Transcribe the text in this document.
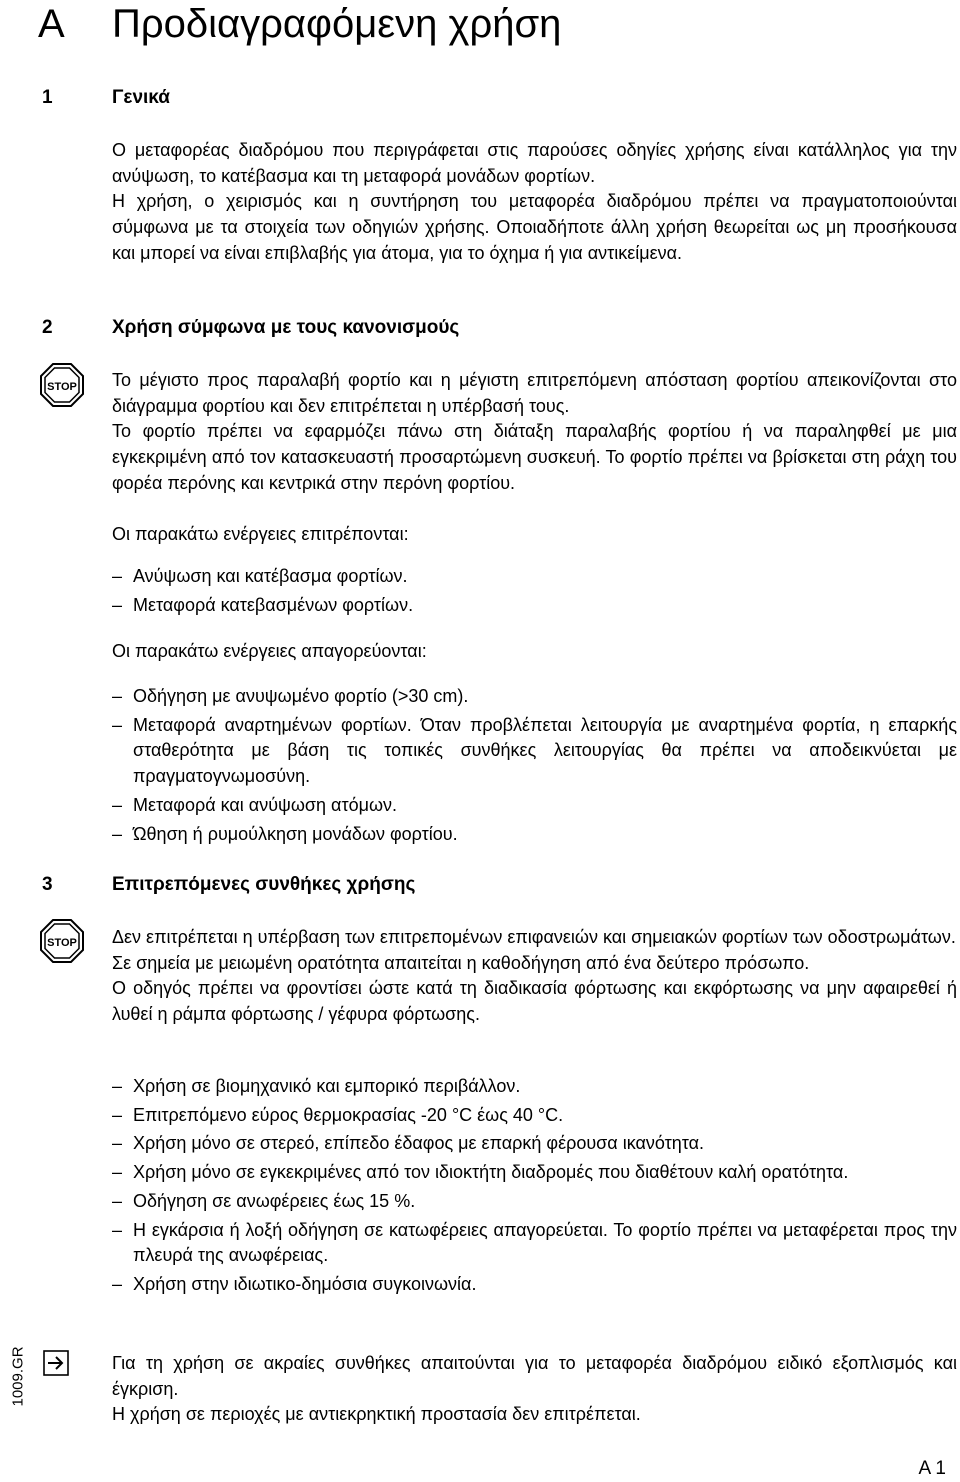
A Προδιαγραφόμενη χρήση
1	Γενικά

Ο μεταφορέας διαδρόμου που περιγράφεται στις παρούσες οδηγίες χρήσης είναι κατάλληλος για την ανύψωση, το κατέβασμα και τη μεταφορά μονάδων φορτίων.

Η χρήση, ο χειρισμός και η συντήρηση του μεταφορέα διαδρόμου πρέπει να πραγματοποιούνται σύμφωνα με τα στοιχεία των οδηγιών χρήσης. Οποιαδήποτε άλλη χρήση θεωρείται ως μη προσήκουσα και μπορεί να είναι επιβλαβής για άτομα, για το όχημα ή για αντικείμενα.

2	Χρήση σύμφωνα με τους κανονισμούς
STOP Το μέγιστο προς παραλαβή φορτίο και η μέγιστη επιτρεπόμενη απόσταση φορτίου απεικονίζονται στο διάγραμμα φορτίου και δεν επιτρέπεται η υπέρβασή τους.

Το φορτίο πρέπει να εφαρμόζει πάνω στη διάταξη παραλαβής φορτίου ή να παραληφθεί με μια εγκεκριμένη από τον κατασκευαστή προσαρτώμενη συσκευή. Το φορτίο πρέπει να βρίσκεται στη ράχη του φορέα περόνης και κεντρικά στην περόνη φορτίου.

Οι παρακάτω ενέργειες επιτρέπονται:
– Ανύψωση και κατέβασμα φορτίων.
– Μεταφορά κατεβασμένων φορτίων.
Οι παρακάτω ενέργειες απαγορεύονται:
– Οδήγηση με ανυψωμένο φορτίο (>30 cm).
– Μεταφορά αναρτημένων φορτίων. Όταν προβλέπεται λειτουργία με αναρτημένα φορτία, η επαρκής σταθερότητα με βάση τις τοπικές συνθήκες λειτουργίας θα πρέπει να αποδεικνύεται με πραγματογνωμοσύνη.
– Μεταφορά και ανύψωση ατόμων.
– Ώθηση ή ρυμούλκηση μονάδων φορτίου.
3	Επιτρεπόμενες συνθήκες χρήσης
STOP Δεν επιτρέπεται η υπέρβαση των επιτρεπομένων επιφανειών και σημειακών φορτίων των οδοστρωμάτων.

Σε σημεία με μειωμένη ορατότητα απαιτείται η καθοδήγηση από ένα δεύτερο πρόσωπο.

Ο οδηγός πρέπει να φροντίσει ώστε κατά τη διαδικασία φόρτωσης και εκφόρτωσης να μην αφαιρεθεί ή λυθεί η ράμπα φόρτωσης / γέφυρα φόρτωσης.

– Χρήση σε βιομηχανικό και εμπορικό περιβάλλον.
– Επιτρεπόμενο εύρος θερμοκρασίας -20 °C έως 40 °C.
– Χρήση μόνο σε στερεό, επίπεδο έδαφος με επαρκή φέρουσα ικανότητα.
– Χρήση μόνο σε εγκεκριμένες από τον ιδιοκτήτη διαδρομές που διαθέτουν καλή ορατότητα.
– Οδήγηση σε ανωφέρειες έως 15 %.
– Η εγκάρσια ή λοξή οδήγηση σε κατωφέρειες απαγορεύεται. Το φορτίο πρέπει να μεταφέρεται προς την πλευρά της ανωφέρειας.
– Χρήση στην ιδιωτικο-δημόσια συγκοινωνία.

Για τη χρήση σε ακραίες συνθήκες απαιτούνται για το μεταφορέα διαδρόμου ειδικό εξοπλισμός και έγκριση.

Η χρήση σε περιοχές με αντιεκρηκτική προστασία δεν επιτρέπεται.

1009.GR
A 1
